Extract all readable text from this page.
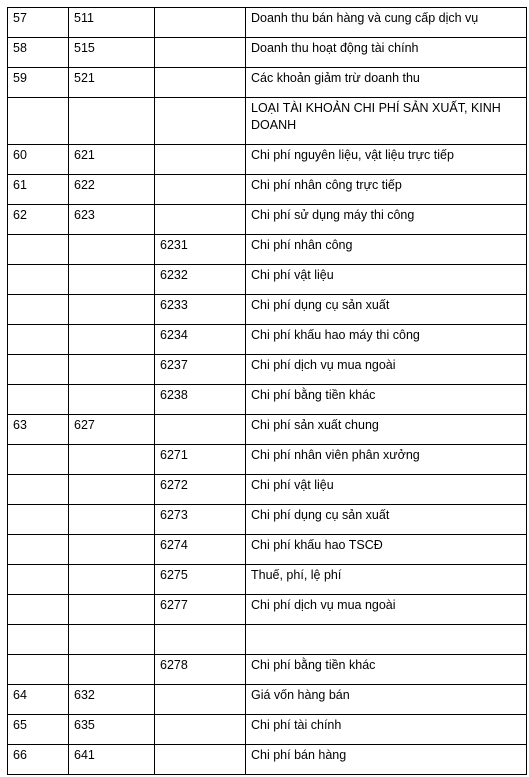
57	511		Doanh thu bán hàng và cung cấp dịch vụ
58	515		Doanh thu hoạt động tài chính
59	521		Các khoản giảm trừ doanh thu
			LOẠI TÀI KHOẢN CHI PHÍ SẢN XUẤT, KINH DOANH
60	621		Chi phí nguyên liệu, vật liệu trực tiếp
61	622		Chi phí nhân công trực tiếp
62	623		Chi phí sử dụng máy thi công
		6231	Chi phí nhân công
		6232	Chi phí vật liệu
		6233	Chi phí dụng cụ sản xuất
		6234	Chi phí khấu hao máy thi công
		6237	Chi phí dịch vụ mua ngoài
		6238	Chi phí bằng tiền khác
63	627		Chi phí sản xuất chung
		6271	Chi phí nhân viên phân xưởng
		6272	Chi phí vật liệu
		6273	Chi phí dụng cụ sản xuất
		6274	Chi phí khấu hao TSCĐ
		6275	Thuế, phí, lệ phí
		6277	Chi phí dịch vụ mua ngoài

		6278	Chi phí bằng tiền khác
64	632		Giá vốn hàng bán
65	635		Chi phí tài chính
66	641		Chi phí bán hàng
